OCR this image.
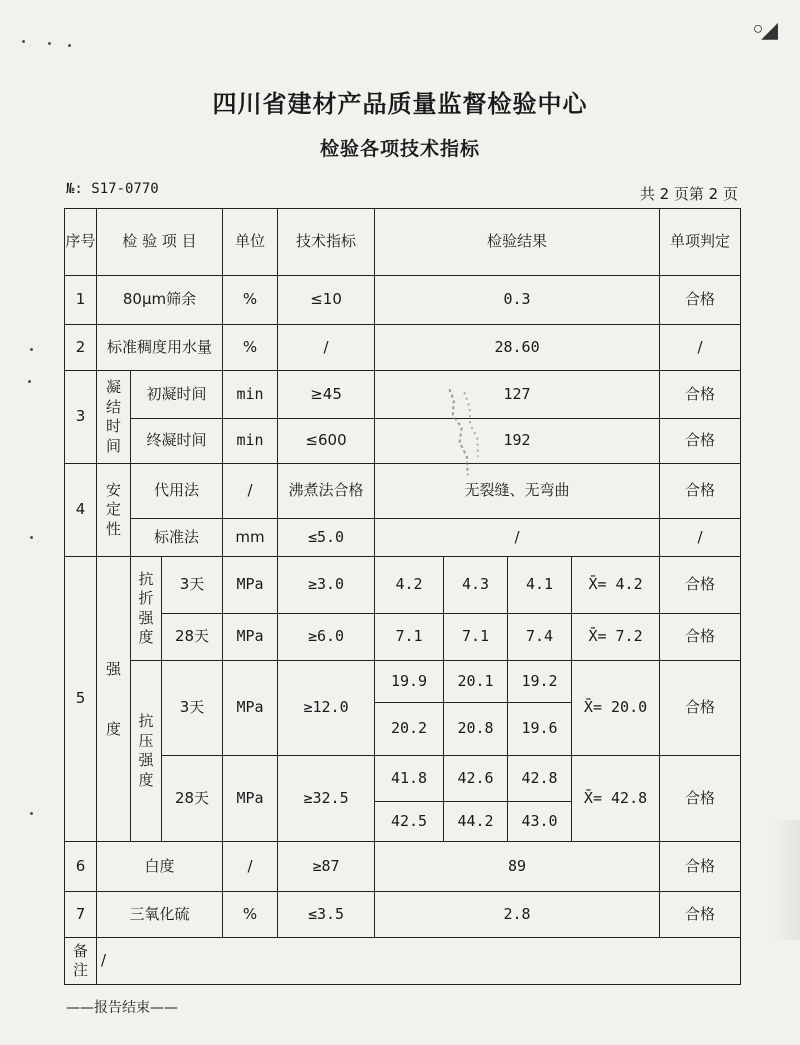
◦◢
四川省建材产品质量监督检验中心
检验各项技术指标
№: S17-0770	共 2 页第 2 页
序号	检 验 项 目			单位	技术指标	检验结果				单项判定
1	80μm筛余			%	≤10	0.3				合格
2	标准稠度用水量			%	/	28.60				/
3	凝结时间	初凝时间		min	≥45	127				合格
		终凝时间		min	≤600	192				合格
4	安定性	代用法		/	沸煮法合格	无裂缝、无弯曲				合格
		标准法		mm	≤5.0	/				/
5	强度	抗折强度	3天	MPa	≥3.0	4.2	4.3	4.1	X̄= 4.2	合格
			28天	MPa	≥6.0	7.1	7.1	7.4	X̄= 7.2	合格
		抗压强度	3天	MPa	≥12.0	19.9	20.1	19.2	X̄= 20.0	合格
						20.2	20.8	19.6		
			28天	MPa	≥32.5	41.8	42.6	42.8	X̄= 42.8	合格
						42.5	44.2	43.0		
6	白度			/	≥87	89				合格
7	三氧化硫			%	≤3.5	2.8				合格
备注	/									
——报告结束——
